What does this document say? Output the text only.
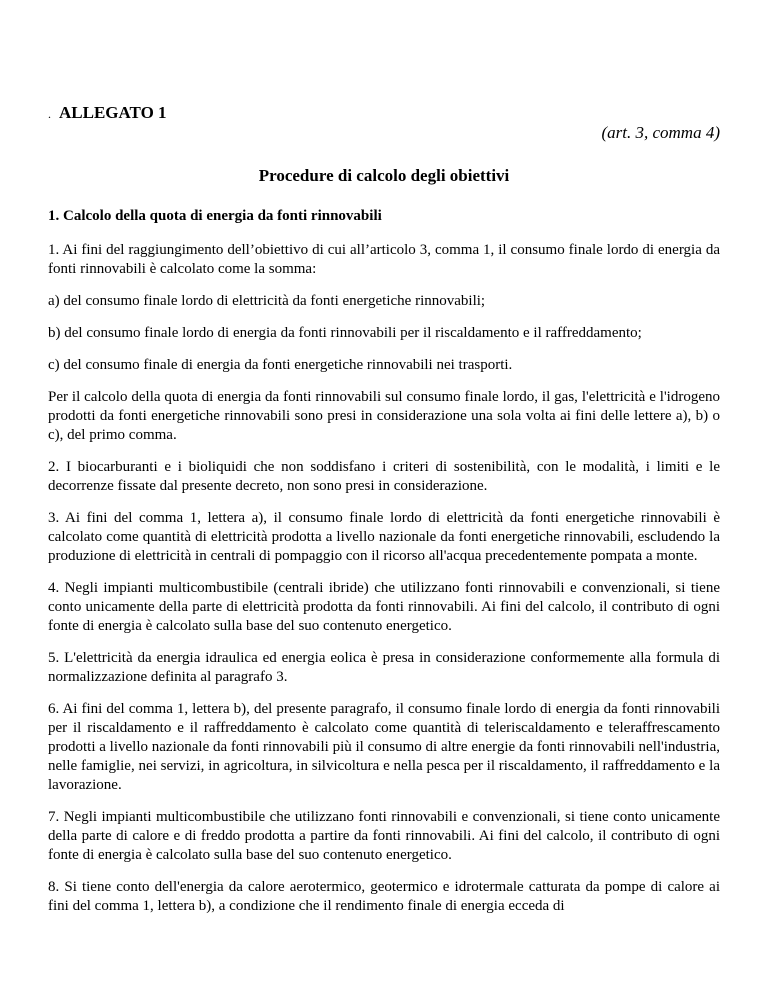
. ALLEGATO 1
(art. 3, comma 4)
Procedure di calcolo degli obiettivi

1. Calcolo della quota di energia da fonti rinnovabili

1. Ai fini del raggiungimento dell’obiettivo di cui all’articolo 3, comma 1, il consumo finale lordo di energia da fonti rinnovabili è calcolato come la somma:

a) del consumo finale lordo di elettricità da fonti energetiche rinnovabili;

b) del consumo finale lordo di energia da fonti rinnovabili per il riscaldamento e il raffreddamento;

c) del consumo finale di energia da fonti energetiche rinnovabili nei trasporti.

Per il calcolo della quota di energia da fonti rinnovabili sul consumo finale lordo, il gas, l'elettricità e l'idrogeno prodotti da fonti energetiche rinnovabili sono presi in considerazione una sola volta ai fini delle lettere a), b) o c), del primo comma.

2. I biocarburanti e i bioliquidi che non soddisfano i criteri di sostenibilità, con le modalità, i limiti e le decorrenze fissate dal presente decreto, non sono presi in considerazione.

3. Ai fini del comma 1, lettera a), il consumo finale lordo di elettricità da fonti energetiche rinnovabili è calcolato come quantità di elettricità prodotta a livello nazionale da fonti energetiche rinnovabili, escludendo la produzione di elettricità in centrali di pompaggio con il ricorso all'acqua precedentemente pompata a monte.

4. Negli impianti multicombustibile (centrali ibride) che utilizzano fonti rinnovabili e convenzionali, si tiene conto unicamente della parte di elettricità prodotta da fonti rinnovabili. Ai fini del calcolo, il contributo di ogni fonte di energia è calcolato sulla base del suo contenuto energetico.

5. L'elettricità da energia idraulica ed energia eolica è presa in considerazione conformemente alla formula di normalizzazione definita al paragrafo 3.

6. Ai fini del comma 1, lettera b), del presente paragrafo, il consumo finale lordo di energia da fonti rinnovabili per il riscaldamento e il raffreddamento è calcolato come quantità di teleriscaldamento e teleraffrescamento prodotti a livello nazionale da fonti rinnovabili più il consumo di altre energie da fonti rinnovabili nell'industria, nelle famiglie, nei servizi, in agricoltura, in silvicoltura e nella pesca per il riscaldamento, il raffreddamento e la lavorazione.

7. Negli impianti multicombustibile che utilizzano fonti rinnovabili e convenzionali, si tiene conto unicamente della parte di calore e di freddo prodotta a partire da fonti rinnovabili. Ai fini del calcolo, il contributo di ogni fonte di energia è calcolato sulla base del suo contenuto energetico.

8. Si tiene conto dell'energia da calore aerotermico, geotermico e idrotermale catturata da pompe di calore ai fini del comma 1, lettera b), a condizione che il rendimento finale di energia ecceda di
